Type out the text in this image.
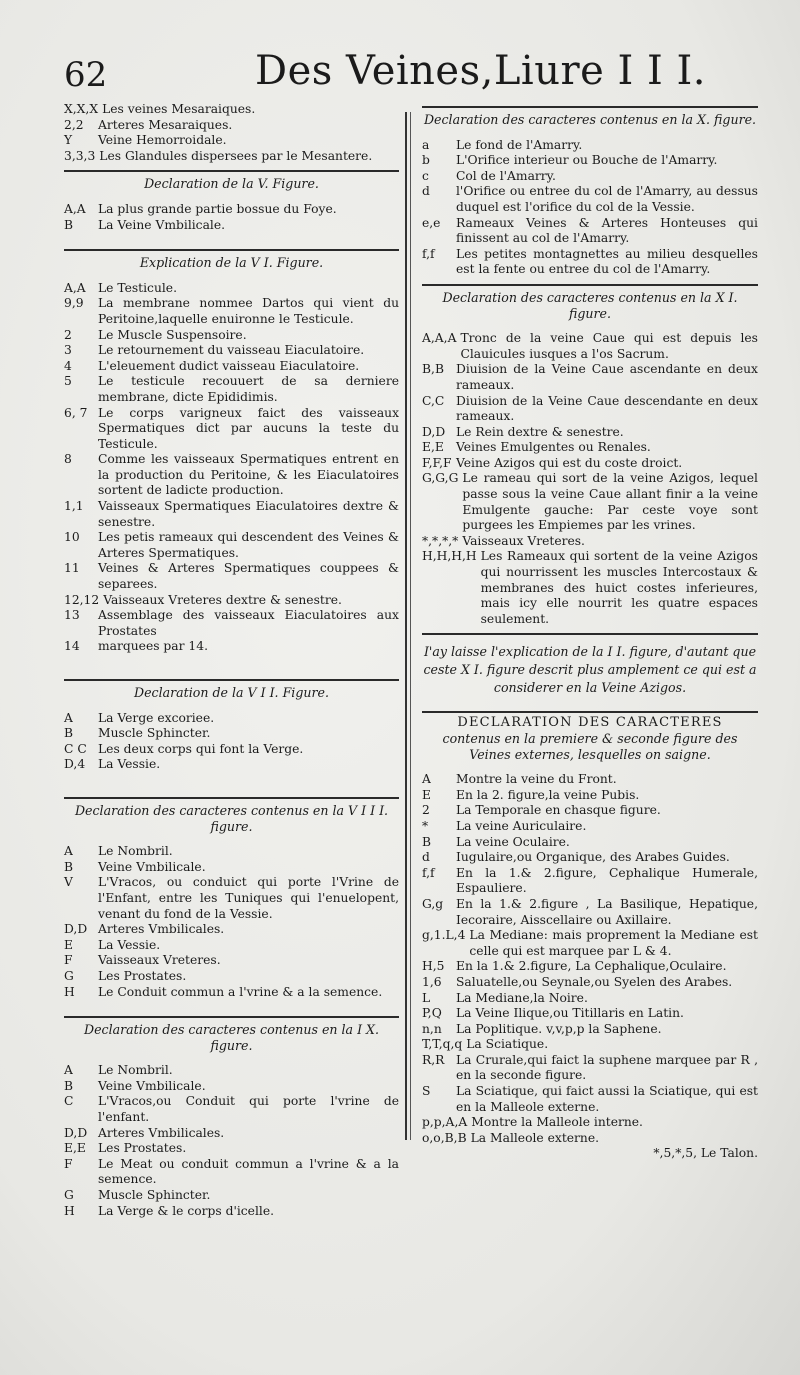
62	Des Veines,Liure I I I.
X,X,X Les veines Mesaraiques.
2,2	Arteres Mesaraiques.
Y	Veine Hemorroidale.
3,3,3 Les Glandules dispersees par le Mesantere.
Declaration de la V. Figure.
A,A	La plus grande partie bossue du Foye.
B	La Veine Vmbilicale.
Explication de la V I. Figure.
A,A	Le Testicule.
9,9	La membrane nommee Dartos qui vient du Peritoine,laquelle enuironne le Testicule.
2	Le Muscle Suspensoire.
3	Le retournement du vaisseau Eiaculatoire.
4	L'eleuement dudict vaisseau Eiaculatoire.
5	Le testicule recouuert de sa derniere membrane, dicte Epididimis.
6, 7 Le corps varigneux faict des vaisseaux Spermatiques dict par aucuns la teste du Testicule.
8	Comme les vaisseaux Spermatiques entrent en la production du Peritoine, & les Eiaculatoires sortent de ladicte production.
1,1	Vaisseaux Spermatiques Eiaculatoires dextre & senestre.
10	Les petis rameaux qui descendent des Veines & Arteres Spermatiques.
11	Veines & Arteres Spermatiques couppees & separees.
12,12 Vaisseaux Vreteres dextre & senestre.
13	Assemblage des vaisseaux Eiaculatoires aux Prostates
14	marquees par 14.
Declaration de la V I I. Figure.
A	La Verge excoriee.
B	Muscle Sphincter.
C C Les deux corps qui font la Verge.
D,4	La Vessie.
Declaration des caracteres contenus en la V I I I. figure.
A	Le Nombril.
B	Veine Vmbilicale.
V	L'Vracos, ou conduict qui porte l'Vrine de l'Enfant, entre les Tuniques qui l'enuelopent, venant du fond de la Vessie.
D,D Arteres Vmbilicales.
E	La Vessie.
F	Vaisseaux Vreteres.
G	Les Prostates.
H	Le Conduit commun a l'vrine & a la semence.
Declaration des caracteres contenus en la I X. figure.
A	Le Nombril.
B	Veine Vmbilicale.
C	L'Vracos,ou Conduit qui porte l'vrine de l'enfant.
D,D Arteres Vmbilicales.
E,E Les Prostates.
F	Le Meat ou conduit commun a l'vrine & a la semence.
G	Muscle Sphincter.
H	La Verge & le corps d'icelle.
Declaration des caracteres contenus en la X. figure.
a	Le fond de l'Amarry.
b	L'Orifice interieur ou Bouche de l'Amarry.
c	Col de l'Amarry.
d	l'Orifice ou entree du col de l'Amarry, au dessus duquel est l'orifice du col de la Vessie.
e,e	Rameaux Veines & Arteres Honteuses qui finissent au col de l'Amarry.
f,f	Les petites montagnettes au milieu desquelles est la fente ou entree du col de l'Amarry.
Declaration des caracteres contenus en la X I. figure.
A,A,A Tronc de la veine Caue qui est depuis les Clauicules iusques a l'os Sacrum.
B,B Diuision de la Veine Caue ascendante en deux rameaux.
C,C Diuision de la Veine Caue descendante en deux rameaux.
D,D Le Rein dextre & senestre.
E,E Veines Emulgentes ou Renales.
F,F,F Veine Azigos qui est du coste droict.
G,G,G Le rameau qui sort de la veine Azigos, lequel passe sous la veine Caue allant finir a la veine Emulgente gauche: Par ceste voye sont purgees les Empiemes par les vrines.
*,*,*,* Vaisseaux Vreteres.
H,H,H,H Les Rameaux qui sortent de la veine Azigos qui nourrissent les muscles Intercostaux & membranes des huict costes inferieures, mais icy elle nourrit les quatre espaces seulement.
I'ay laisse l'explication de la I I. figure, d'autant que ceste X I. figure descrit plus amplement ce qui est a considerer en la Veine Azigos.
DECLARATION DES CARACTERES
contenus en la premiere & seconde figure des Veines externes, lesquelles on saigne.
A	Montre la veine du Front.
E	En la 2. figure,la veine Pubis.
2	La Temporale en chasque figure.
*	La veine Auriculaire.
B	La veine Oculaire.
d	Iugulaire,ou Organique, des Arabes Guides.
f,f	En la 1.& 2.figure, Cephalique Humerale, Espauliere.
G,g	En la 1.& 2.figure , La Basilique, Hepatique, Iecoraire, Aisscellaire ou Axillaire.
g,1.L,4 La Mediane: mais proprement la Mediane est celle qui est marquee par L & 4.
H,5 En la 1.& 2.figure, La Cephalique,Oculaire.
1,6	Saluatelle,ou Seynale,ou Syelen des Arabes.
L	La Mediane,la Noire.
P,Q	La Veine Ilique,ou Titillaris en Latin.
n,n	La Poplitique. v,v,p,p la Saphene.
T,T,q,q La Sciatique.
R,R La Crurale,qui faict la suphene marquee par R , en la seconde figure.
S	La Sciatique, qui faict aussi la Sciatique, qui est en la Malleole externe.
p,p,A,A Montre la Malleole interne.
o,o,B,B La Malleole externe.
*,5,*,5, Le Talon.
